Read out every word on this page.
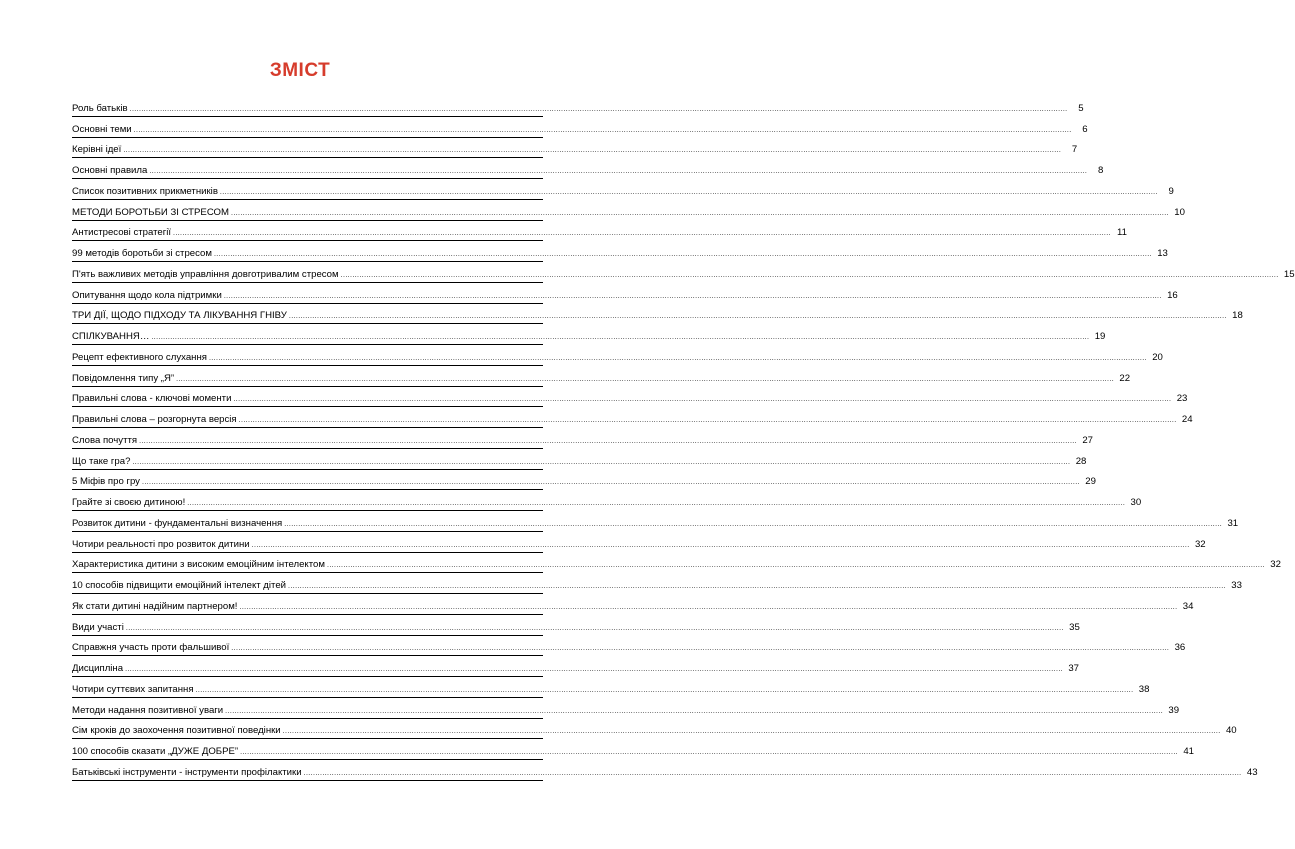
ЗМІСТ
Роль батьків ................................................................................................................................................................................................................................................................................................................................................................................................................	5
Основні теми ................................................................................................................................................................................................................................................................................................................................................................................................................	6
Керівні ідеї ................................................................................................................................................................................................................................................................................................................................................................................................................	7
Основні правила ................................................................................................................................................................................................................................................................................................................................................................................................................	8
Список позитивних прикметників ................................................................................................................................................................................................................................................................................................................................................................................................................	9
МЕТОДИ БОРОТЬБИ ЗІ СТРЕСОМ ................................................................................................................................................................................................................................................................................................................................................................................................................ 10
Антистресові стратегії ................................................................................................................................................................................................................................................................................................................................................................................................................ 11
99 методів боротьби зі стресом ................................................................................................................................................................................................................................................................................................................................................................................................................ 13
П'ять важливих методів управління довготривалим стресом ................................................................................................................................................................................................................................................................................................................................................................................................................ 15
Опитування щодо кола підтримки ................................................................................................................................................................................................................................................................................................................................................................................................................ 16
ТРИ ДІЇ, ЩОДО ПІДХОДУ ТА ЛІКУВАННЯ ГНІВУ ................................................................................................................................................................................................................................................................................................................................................................................................................ 18
СПІЛКУВАННЯ… ................................................................................................................................................................................................................................................................................................................................................................................................................ 19
Рецепт ефективного слухання ................................................................................................................................................................................................................................................................................................................................................................................................................ 20
Повідомлення типу „Я” ................................................................................................................................................................................................................................................................................................................................................................................................................ 22
Правильні слова - ключові моменти ................................................................................................................................................................................................................................................................................................................................................................................................................ 23
Правильні слова – розгорнута версія ................................................................................................................................................................................................................................................................................................................................................................................................................ 24
Слова почуття ................................................................................................................................................................................................................................................................................................................................................................................................................ 27
Що таке гра? ................................................................................................................................................................................................................................................................................................................................................................................................................ 28
5 Міфів про гру ................................................................................................................................................................................................................................................................................................................................................................................................................ 29
Грайте зі своєю дитиною! ................................................................................................................................................................................................................................................................................................................................................................................................................ 30
Розвиток дитини - фундаментальні визначення ................................................................................................................................................................................................................................................................................................................................................................................................................ 31
Чотири реальності про розвиток дитини ................................................................................................................................................................................................................................................................................................................................................................................................................ 32
Характеристика дитини з високим емоційним інтелектом ................................................................................................................................................................................................................................................................................................................................................................................................................ 32
10 способів підвищити емоційний інтелект дітей ................................................................................................................................................................................................................................................................................................................................................................................................................ 33
Як стати дитині надійним партнером! ................................................................................................................................................................................................................................................................................................................................................................................................................ 34
Види участі ................................................................................................................................................................................................................................................................................................................................................................................................................ 35
Справжня участь проти фальшивої ................................................................................................................................................................................................................................................................................................................................................................................................................ 36
Дисципліна ................................................................................................................................................................................................................................................................................................................................................................................................................ 37
Чотири суттєвих запитання ................................................................................................................................................................................................................................................................................................................................................................................................................ 38
Методи надання позитивної уваги ................................................................................................................................................................................................................................................................................................................................................................................................................ 39
Сім кроків до заохочення позитивної поведінки ................................................................................................................................................................................................................................................................................................................................................................................................................ 40
100 способів сказати „ДУЖЕ ДОБРЕ” ................................................................................................................................................................................................................................................................................................................................................................................................................ 41
Батьківські інструменти - інструменти профілактики ................................................................................................................................................................................................................................................................................................................................................................................................................ 43
